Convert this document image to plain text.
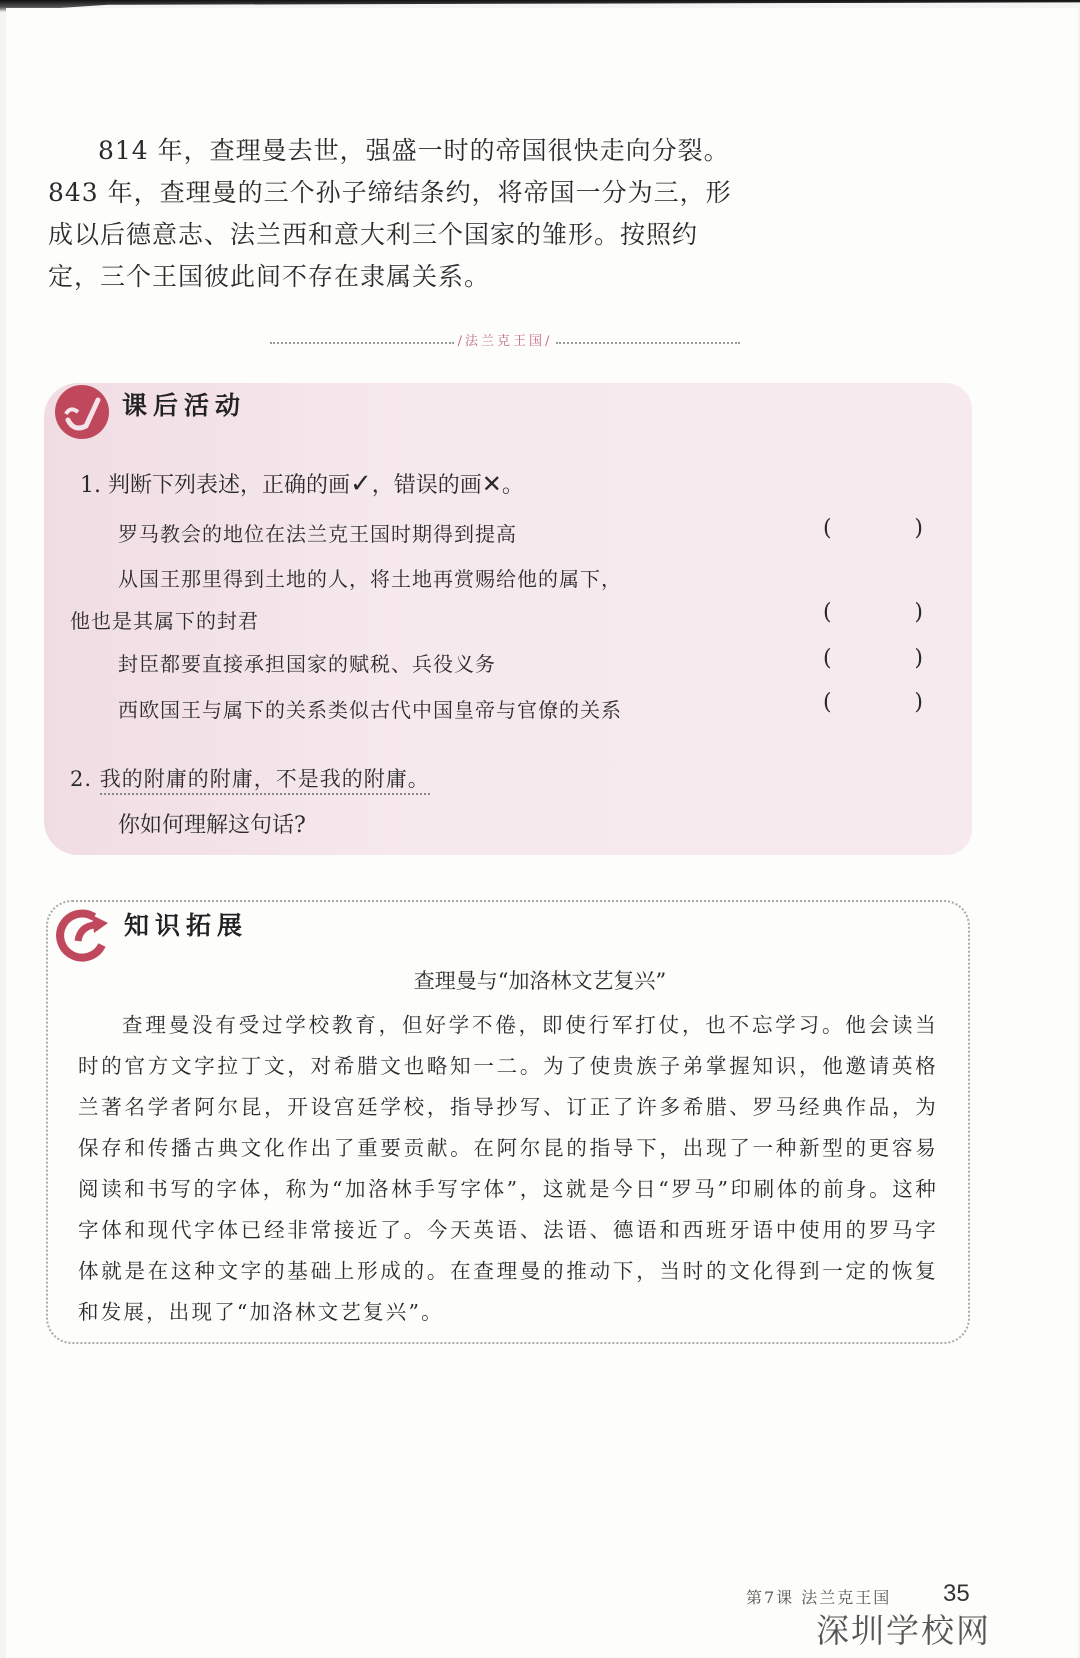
814 年，查理曼去世，强盛一时的帝国很快走向分裂。

843 年，查理曼的三个孙子缔结条约，将帝国一分为三，形成以后德意志、法兰西和意大利三个国家的雏形。按照约定，三个王国彼此间不存在隶属关系。

/法兰克王国/
课后活动
1. 判断下列表述，正确的画✓，错误的画✕。
罗马教会的地位在法兰克王国时期得到提高	(	)
从国王那里得到土地的人，将土地再赏赐给他的属下，
他也是其属下的封君	(	)
封臣都要直接承担国家的赋税、兵役义务	(	)
西欧国王与属下的关系类似古代中国皇帝与官僚的关系	(	)
2. 我的附庸的附庸，不是我的附庸。
你如何理解这句话?
知识拓展
查理曼与“加洛林文艺复兴”

查理曼没有受过学校教育，但好学不倦，即使行军打仗，也不忘学习。他会读当时的官方文字拉丁文，对希腊文也略知一二。为了使贵族子弟掌握知识，他邀请英格兰著名学者阿尔昆，开设宫廷学校，指导抄写、订正了许多希腊、罗马经典作品，为保存和传播古典文化作出了重要贡献。在阿尔昆的指导下，出现了一种新型的更容易阅读和书写的字体，称为“加洛林手写字体”，这就是今日“罗马”印刷体的前身。这种字体和现代字体已经非常接近了。今天英语、法语、德语和西班牙语中使用的罗马字体就是在这种文字的基础上形成的。在查理曼的推动下，当时的文化得到一定的恢复和发展，出现了“加洛林文艺复兴”。

第7课 法兰克王国 35
深圳学校网
